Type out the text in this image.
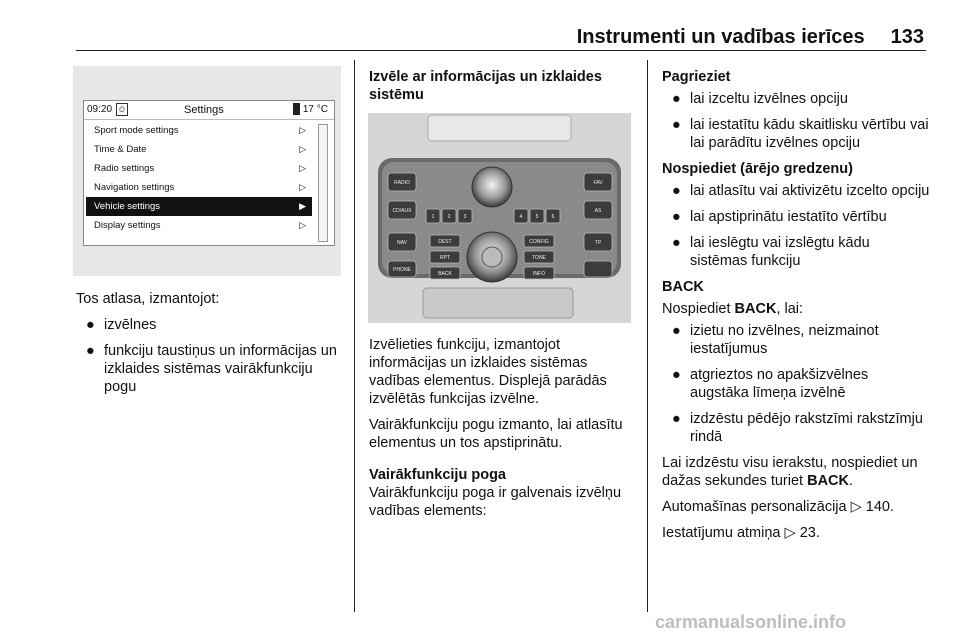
Instrumenti un vadības ierīces 133
09:20 ⏲	Settings	17 °C
Sport mode settings	▷
Time & Date	▷
Radio settings	▷
Navigation settings	▷
Vehicle settings	▶
Display settings	▷
RADIO
CD/AUX
NAV
PHONE
FAV
AS
TP
DEST
RPT
BACK
CONFIG
TONE
INFO
1	2	3	4	5	6

Tos atlasa, izmantojot:

● izvēlnes
● funkciju taustiņus un informācijas un izklaides sistēmas vairākfunkciju pogu

Izvēle ar informācijas un izklaides sistēmu

Izvēlieties funkciju, izmantojot informācijas un izklaides sistēmas vadības elementus. Displejā parādās izvēlētās funkcijas izvēlne.

Vairākfunkciju pogu izmanto, lai atlasītu elementus un tos apstiprinātu.

Vairākfunkciju poga

Vairākfunkciju poga ir galvenais izvēlņu vadības elements:

Pagrieziet

● lai izceltu izvēlnes opciju
● lai iestatītu kādu skaitlisku vērtību vai lai parādītu izvēlnes opciju

Nospiediet (ārējo gredzenu)

● lai atlasītu vai aktivizētu izcelto opciju
● lai apstiprinātu iestatīto vērtību
● lai ieslēgtu vai izslēgtu kādu sistēmas funkciju

BACK

Nospiediet BACK, lai:

● izietu no izvēlnes, neizmainot iestatījumus
● atgrieztos no apakšizvēlnes augstāka līmeņa izvēlnē
● izdzēstu pēdējo rakstzīmi rakstzīmju rindā

Lai izdzēstu visu ierakstu, nospiediet un dažas sekundes turiet BACK.

Automašīnas personalizācija ▷ 140.

Iestatījumu atmiņa ▷ 23.

carmanualsonline.info
